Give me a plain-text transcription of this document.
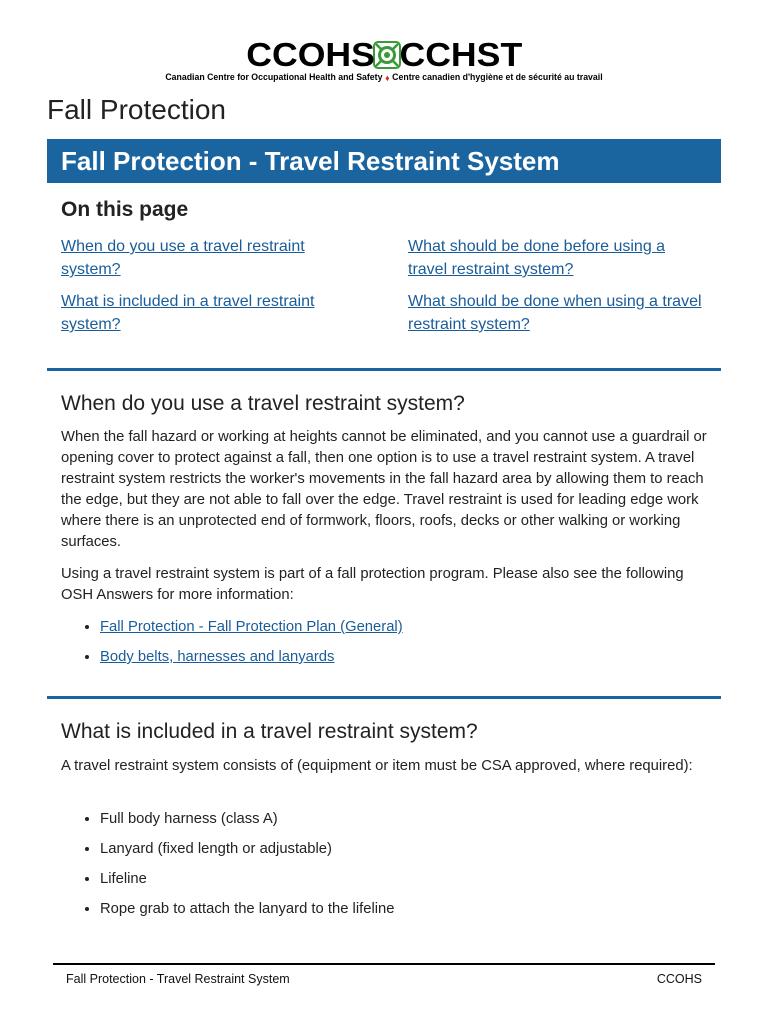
CCOHS CCHST
Canadian Centre for Occupational Health and Safety ♦ Centre canadien d'hygiène et de sécurité au travail
Fall Protection
Fall Protection - Travel Restraint System
On this page
When do you use a travel restraint system?
What should be done before using a travel restraint system?
What is included in a travel restraint system?
What should be done when using a travel restraint system?
When do you use a travel restraint system?

When the fall hazard or working at heights cannot be eliminated, and you cannot use a guardrail or opening cover to protect against a fall, then one option is to use a travel restraint system. A travel restraint system restricts the worker's movements in the fall hazard area by allowing them to reach the edge, but they are not able to fall over the edge. Travel restraint is used for leading edge work where there is an unprotected end of formwork, floors, roofs, decks or other walking or working surfaces.

Using a travel restraint system is part of a fall protection program. Please also see the following OSH Answers for more information:

• Fall Protection - Fall Protection Plan (General)
• Body belts, harnesses and lanyards
What is included in a travel restraint system?

A travel restraint system consists of (equipment or item must be CSA approved, where required):

• Full body harness (class A)
• Lanyard (fixed length or adjustable)
• Lifeline
• Rope grab to attach the lanyard to the lifeline
Fall Protection - Travel Restraint System	CCOHS
